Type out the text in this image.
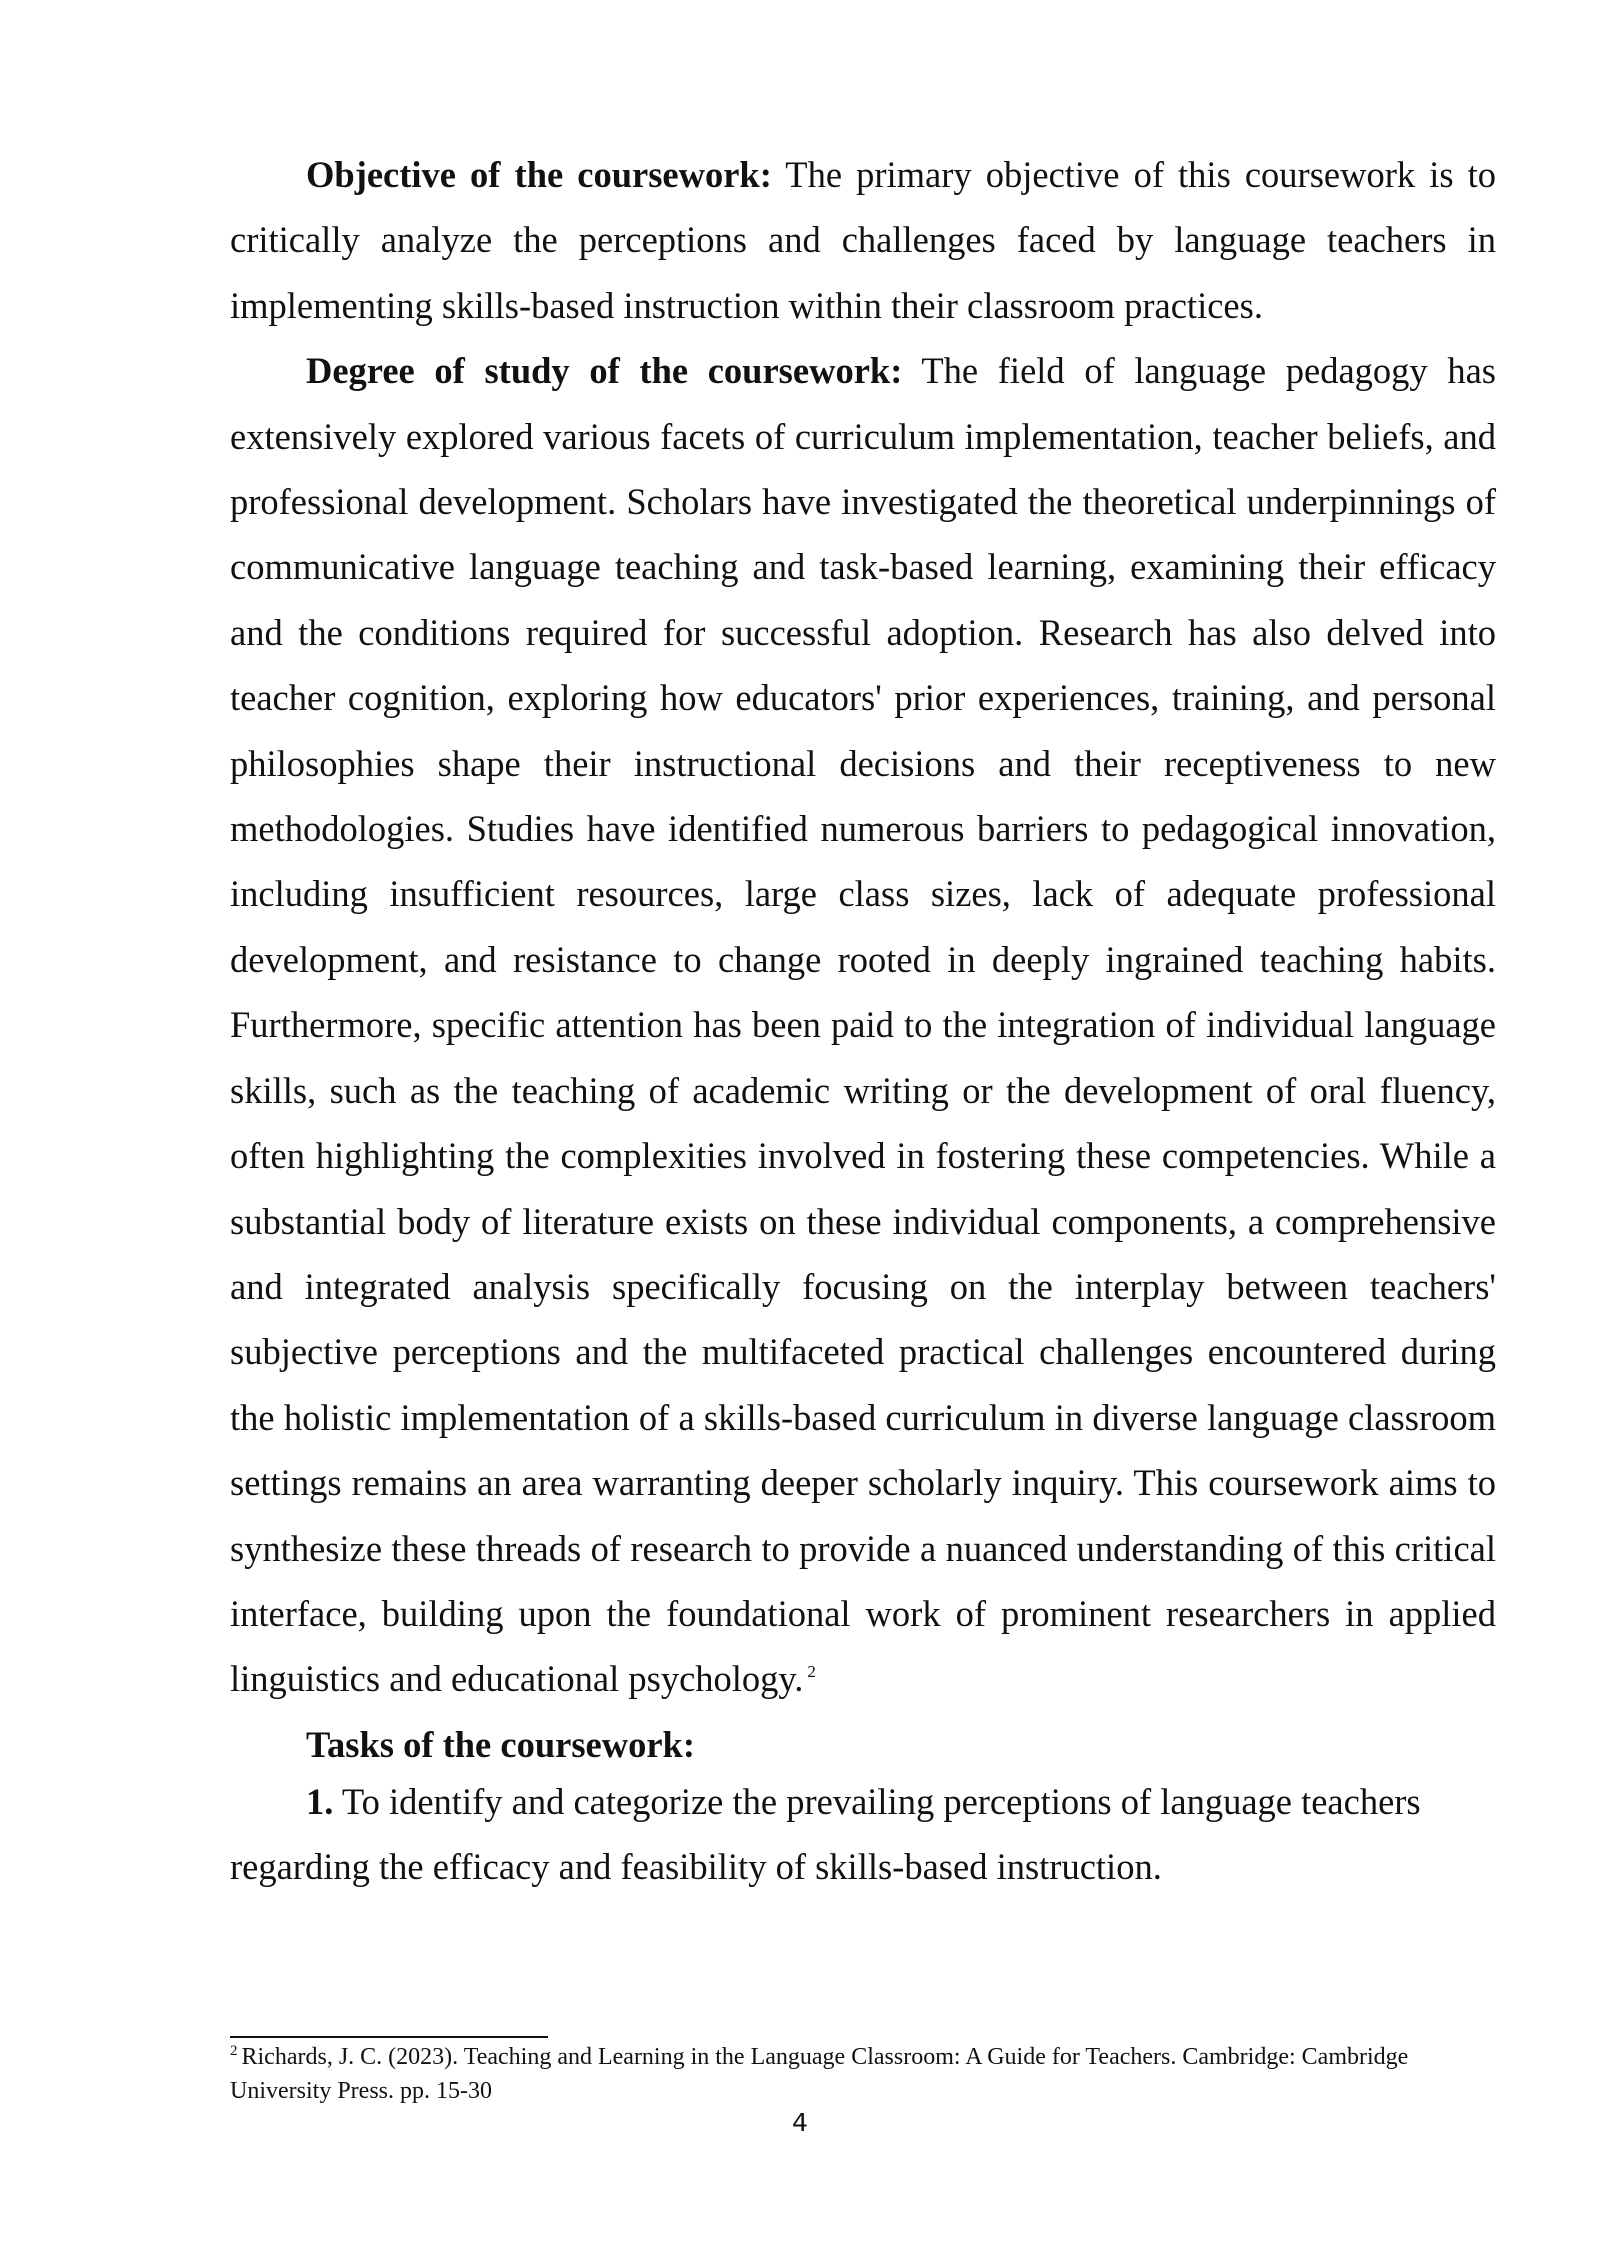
Objective of the coursework: The primary objective of this coursework is to critically analyze the perceptions and challenges faced by language teachers in implementing skills-based instruction within their classroom practices.

Degree of study of the coursework: The field of language pedagogy has extensively explored various facets of curriculum implementation, teacher beliefs, and professional development. Scholars have investigated the theoretical underpinnings of communicative language teaching and task-based learning, examining their efficacy and the conditions required for successful adoption. Research has also delved into teacher cognition, exploring how educators' prior experiences, training, and personal philosophies shape their instructional decisions and their receptiveness to new methodologies. Studies have identified numerous barriers to pedagogical innovation, including insufficient resources, large class sizes, lack of adequate professional development, and resistance to change rooted in deeply ingrained teaching habits. Furthermore, specific attention has been paid to the integration of individual language skills, such as the teaching of academic writing or the development of oral fluency, often highlighting the complexities involved in fostering these competencies. While a substantial body of literature exists on these individual components, a comprehensive and integrated analysis specifically focusing on the interplay between teachers' subjective perceptions and the multifaceted practical challenges encountered during the holistic implementation of a skills-based curriculum in diverse language classroom settings remains an area warranting deeper scholarly inquiry. This coursework aims to synthesize these threads of research to provide a nuanced understanding of this critical interface, building upon the foundational work of prominent researchers in applied linguistics and educational psychology. $^2$

Tasks of the coursework:

1. To identify and categorize the prevailing perceptions of language teachers regarding the efficacy and feasibility of skills-based instruction.

$^2$ Richards, J. C. (2023). Teaching and Learning in the Language Classroom: A Guide for Teachers. Cambridge: Cambridge University Press. pp. 15-30

4
